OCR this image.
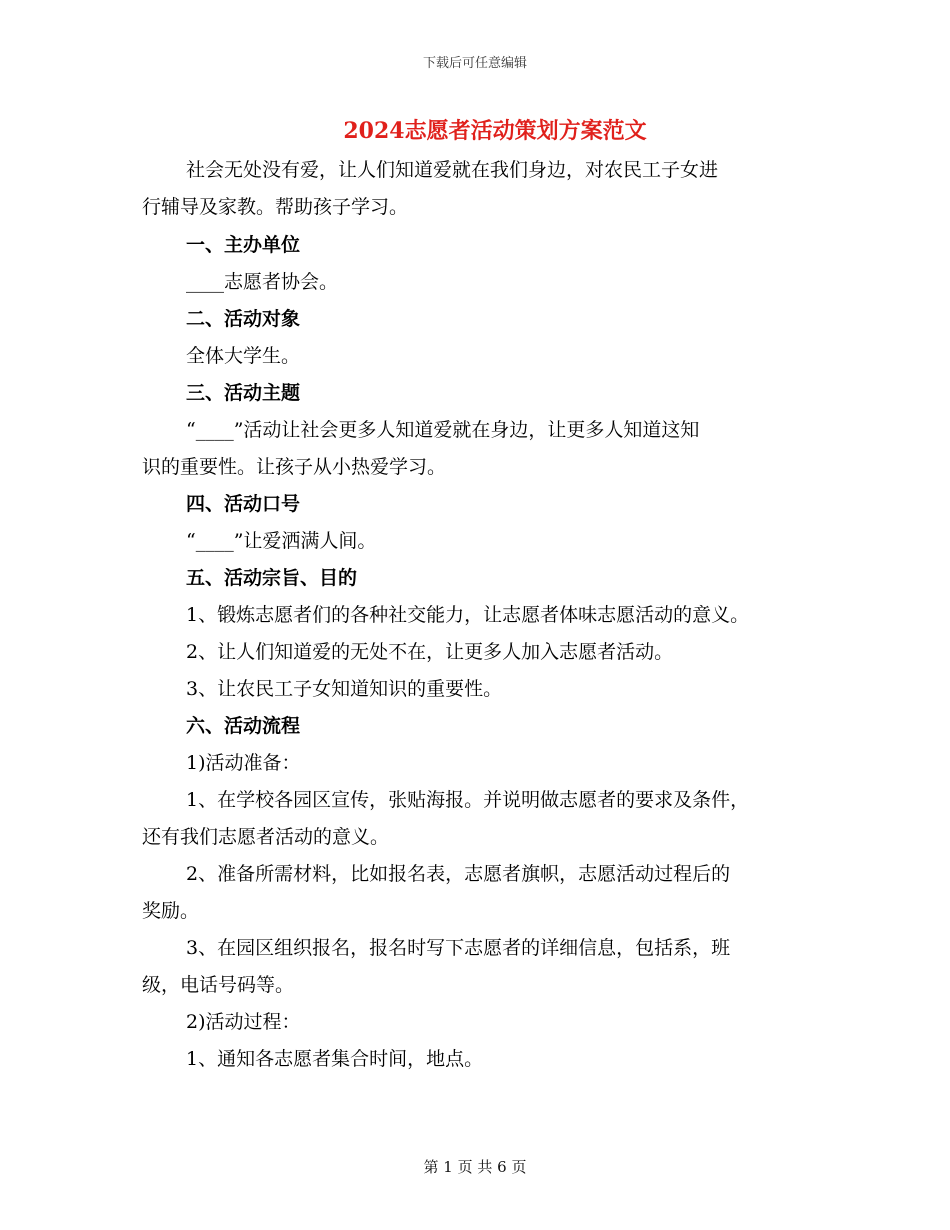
下载后可任意编辑
2024志愿者活动策划方案范文
社会无处没有爱，让人们知道爱就在我们身边，对农民工子女进
行辅导及家教。帮助孩子学习。
一、主办单位
____志愿者协会。
二、活动对象
全体大学生。
三、活动主题
“____”活动让社会更多人知道爱就在身边，让更多人知道这知
识的重要性。让孩子从小热爱学习。
四、活动口号
“____”让爱洒满人间。
五、活动宗旨、目的
1、锻炼志愿者们的各种社交能力，让志愿者体味志愿活动的意义。
2、让人们知道爱的无处不在，让更多人加入志愿者活动。
3、让农民工子女知道知识的重要性。
六、活动流程
1)活动准备：
1、在学校各园区宣传，张贴海报。并说明做志愿者的要求及条件，
还有我们志愿者活动的意义。
2、准备所需材料，比如报名表，志愿者旗帜，志愿活动过程后的
奖励。
3、在园区组织报名，报名时写下志愿者的详细信息，包括系，班
级，电话号码等。
2)活动过程：
1、通知各志愿者集合时间，地点。
第 1 页 共 6 页
